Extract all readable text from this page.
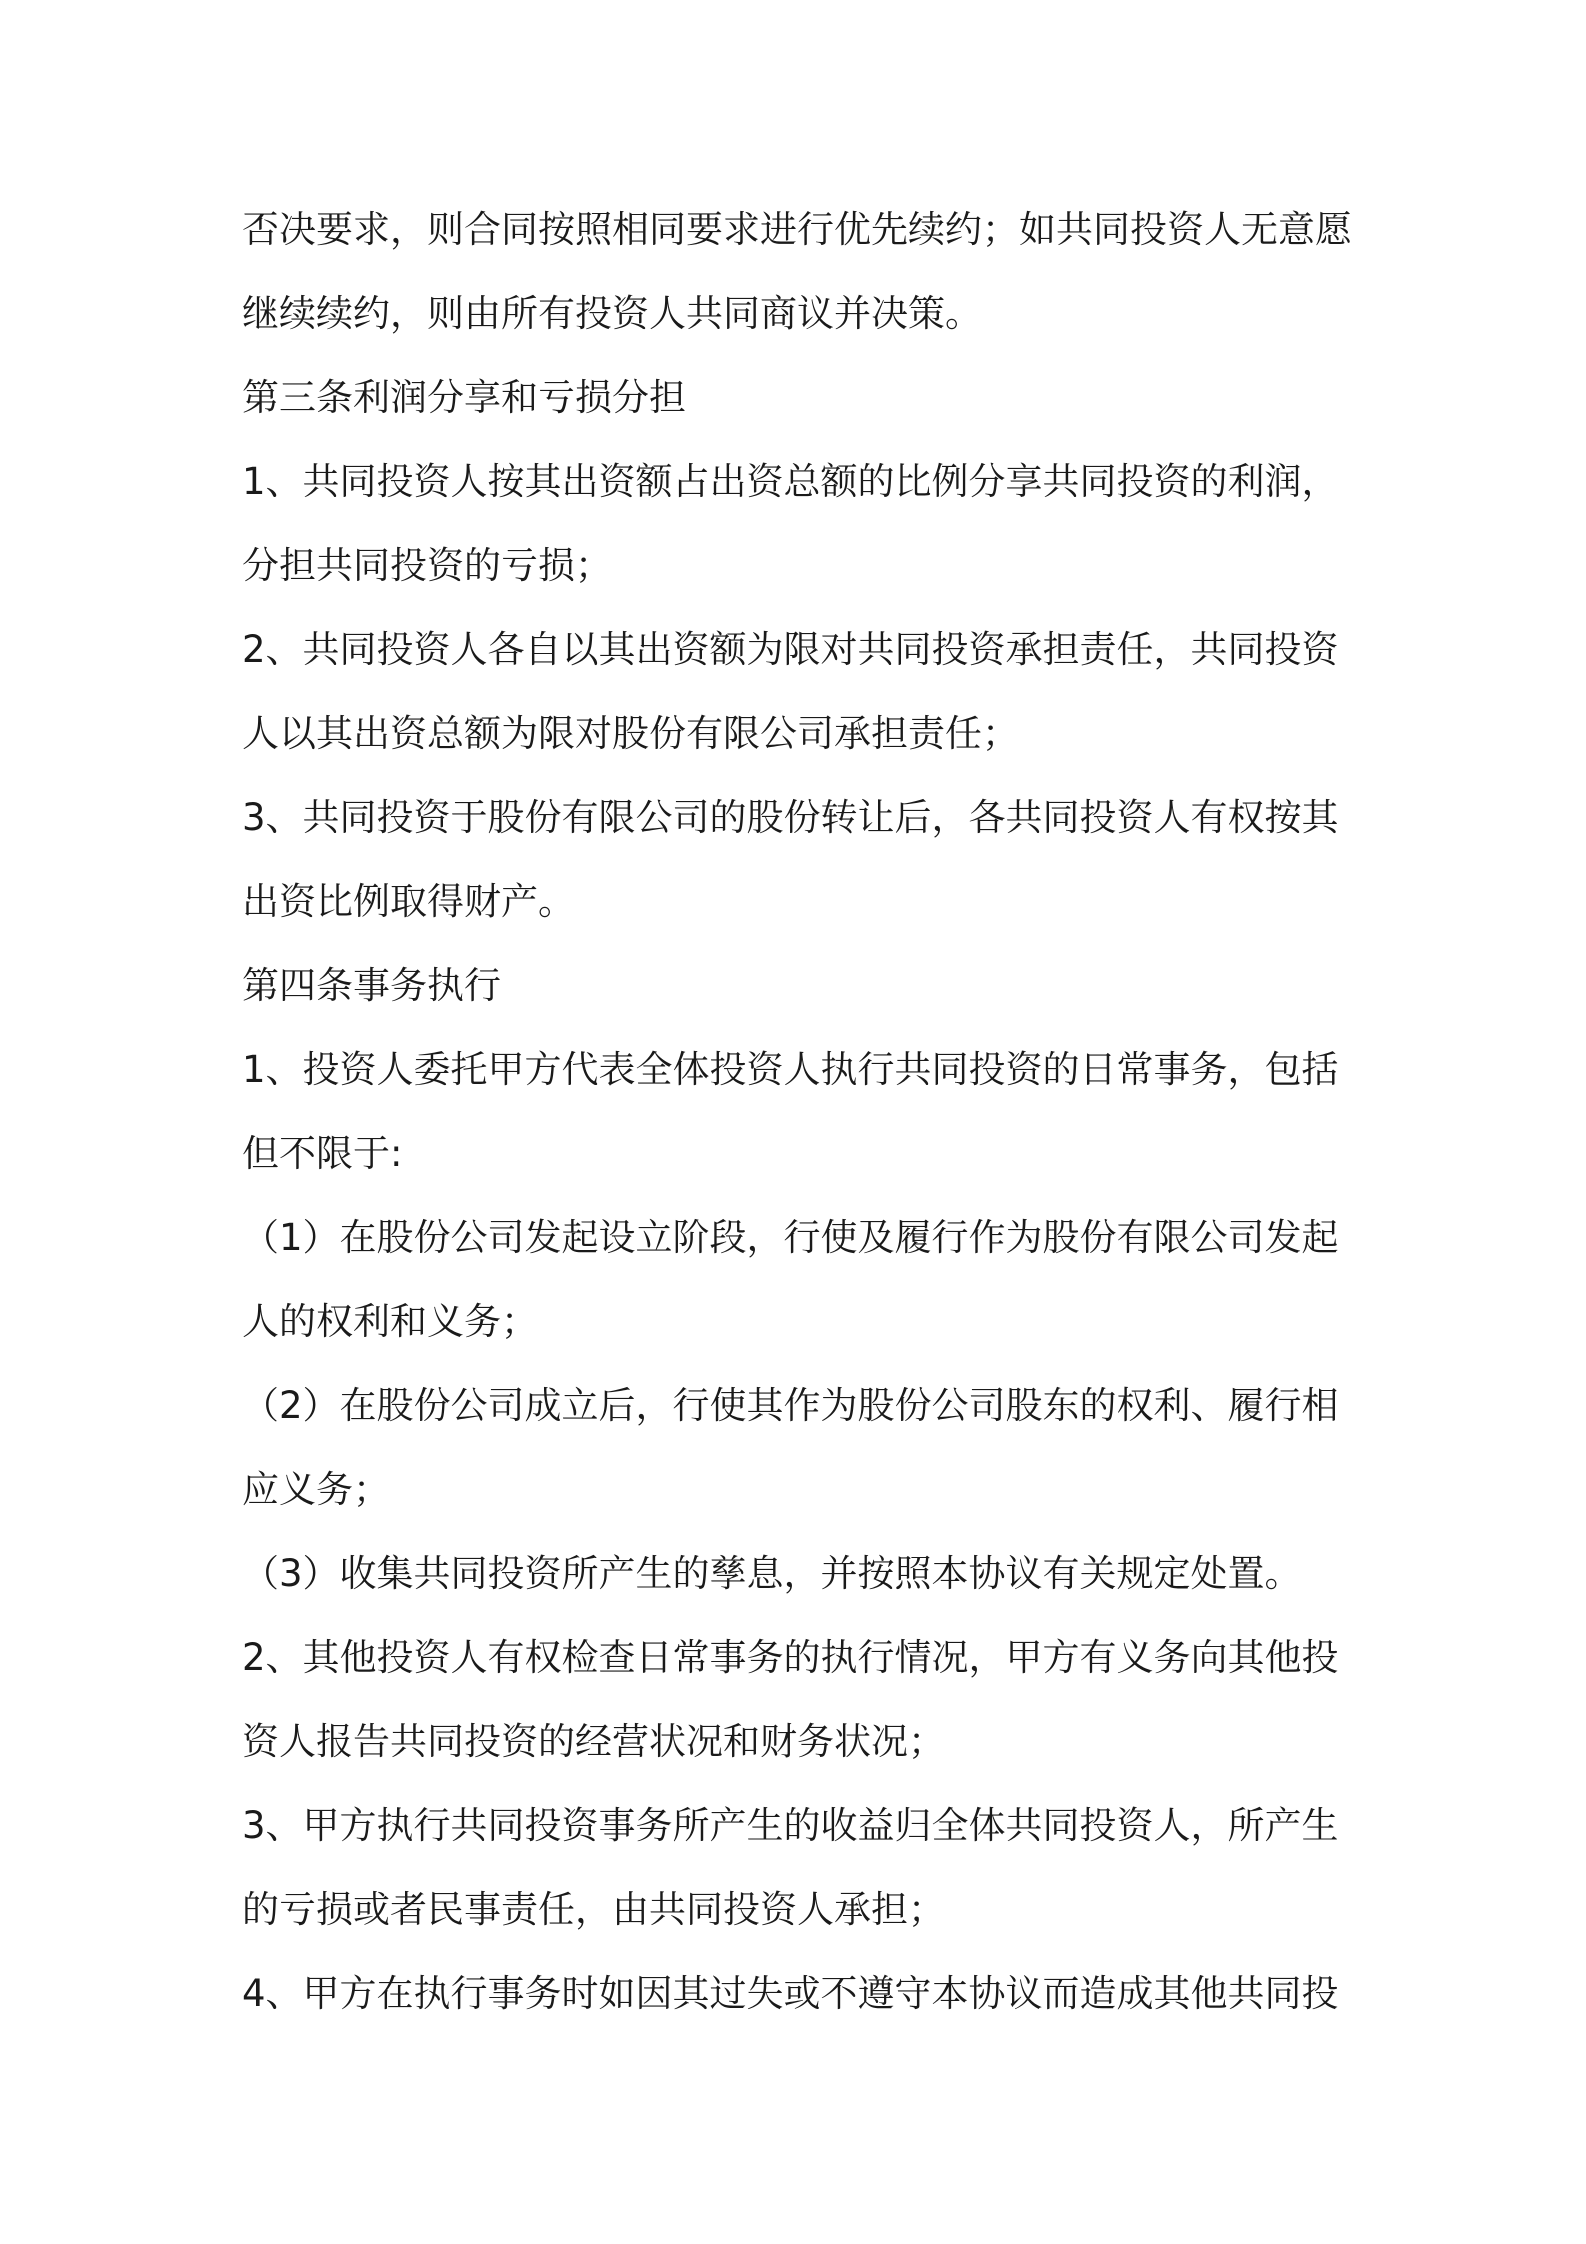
否决要求，则合同按照相同要求进行优先续约；如共同投资人无意愿
继续续约，则由所有投资人共同商议并决策。
第三条利润分享和亏损分担
1、共同投资人按其出资额占出资总额的比例分享共同投资的利润，
分担共同投资的亏损；
2、共同投资人各自以其出资额为限对共同投资承担责任，共同投资
人以其出资总额为限对股份有限公司承担责任；
3、共同投资于股份有限公司的股份转让后，各共同投资人有权按其
出资比例取得财产。
第四条事务执行
1、投资人委托甲方代表全体投资人执行共同投资的日常事务，包括
但不限于:
（1）在股份公司发起设立阶段，行使及履行作为股份有限公司发起
人的权利和义务；
（2）在股份公司成立后，行使其作为股份公司股东的权利、履行相
应义务；
（3）收集共同投资所产生的孳息，并按照本协议有关规定处置。
2、其他投资人有权检查日常事务的执行情况，甲方有义务向其他投
资人报告共同投资的经营状况和财务状况；
3、甲方执行共同投资事务所产生的收益归全体共同投资人，所产生
的亏损或者民事责任，由共同投资人承担；
4、甲方在执行事务时如因其过失或不遵守本协议而造成其他共同投
